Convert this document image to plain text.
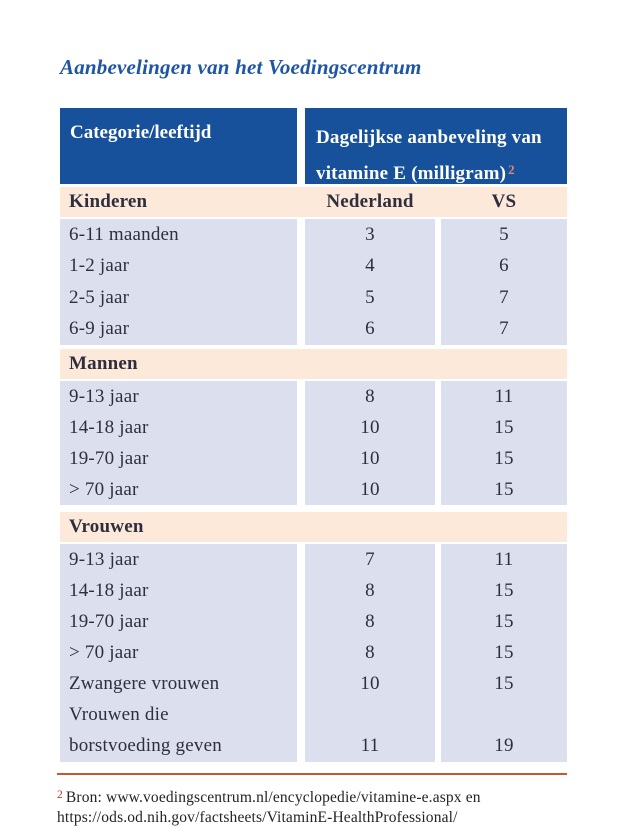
Aanbevelingen van het Voedingscentrum
Categorie/leeftijd	Dagelijkse aanbeveling van
vitamine E (milligram) $^2$
Kinderen	Nederland	VS
6-11 maanden	3	5
1-2 jaar	4	6
2-5 jaar	5	7
6-9 jaar	6	7
Mannen
9-13 jaar	8	11
14-18 jaar	10	15
19-70 jaar	10	15
> 70 jaar	10	15
Vrouwen
9-13 jaar	7	11
14-18 jaar	8	15
19-70 jaar	8	15
> 70 jaar	8	15
Zwangere vrouwen	10	15
Vrouwen die
borstvoeding geven	11	19

$^2$ Bron: www.voedingscentrum.nl/encyclopedie/vitamine-e.aspx en
https://ods.od.nih.gov/factsheets/VitaminE-HealthProfessional/
